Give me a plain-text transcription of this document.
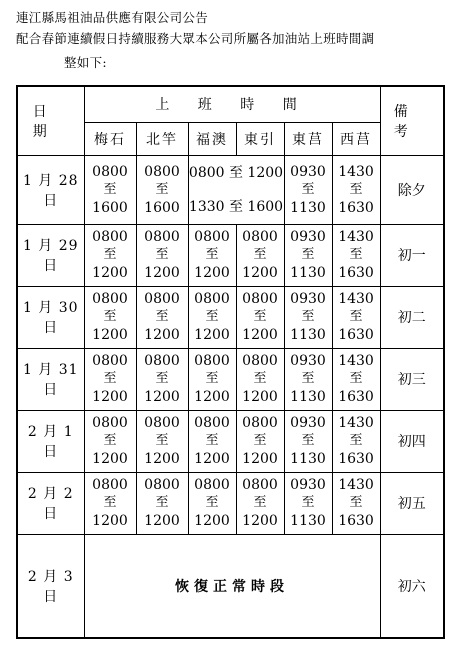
連江縣馬祖油品供應有限公司公告
配合春節連續假日持續服務大眾本公司所屬各加油站上班時間調
整如下:
日 期	上 班 時 間						備 考
	梅石	北竿	福澳	東引	東莒	西莒	
1 月 28 日	0800
至
1600	0800
至
1600	0800 至 1200
1330 至 1600		0930
至
1130	1430
至
1630	除夕
1 月 29 日	0800
至
1200	0800
至
1200	0800
至
1200	0800
至
1200	0930
至
1130	1430
至
1630	初一
1 月 30 日	0800
至
1200	0800
至
1200	0800
至
1200	0800
至
1200	0930
至
1130	1430
至
1630	初二
1 月 31 日	0800
至
1200	0800
至
1200	0800
至
1200	0800
至
1200	0930
至
1130	1430
至
1630	初三
2 月 1 日	0800
至
1200	0800
至
1200	0800
至
1200	0800
至
1200	0930
至
1130	1430
至
1630	初四
2 月 2 日	0800
至
1200	0800
至
1200	0800
至
1200	0800
至
1200	0930
至
1130	1430
至
1630	初五
2 月 3 日	恢復正常時段						初六
